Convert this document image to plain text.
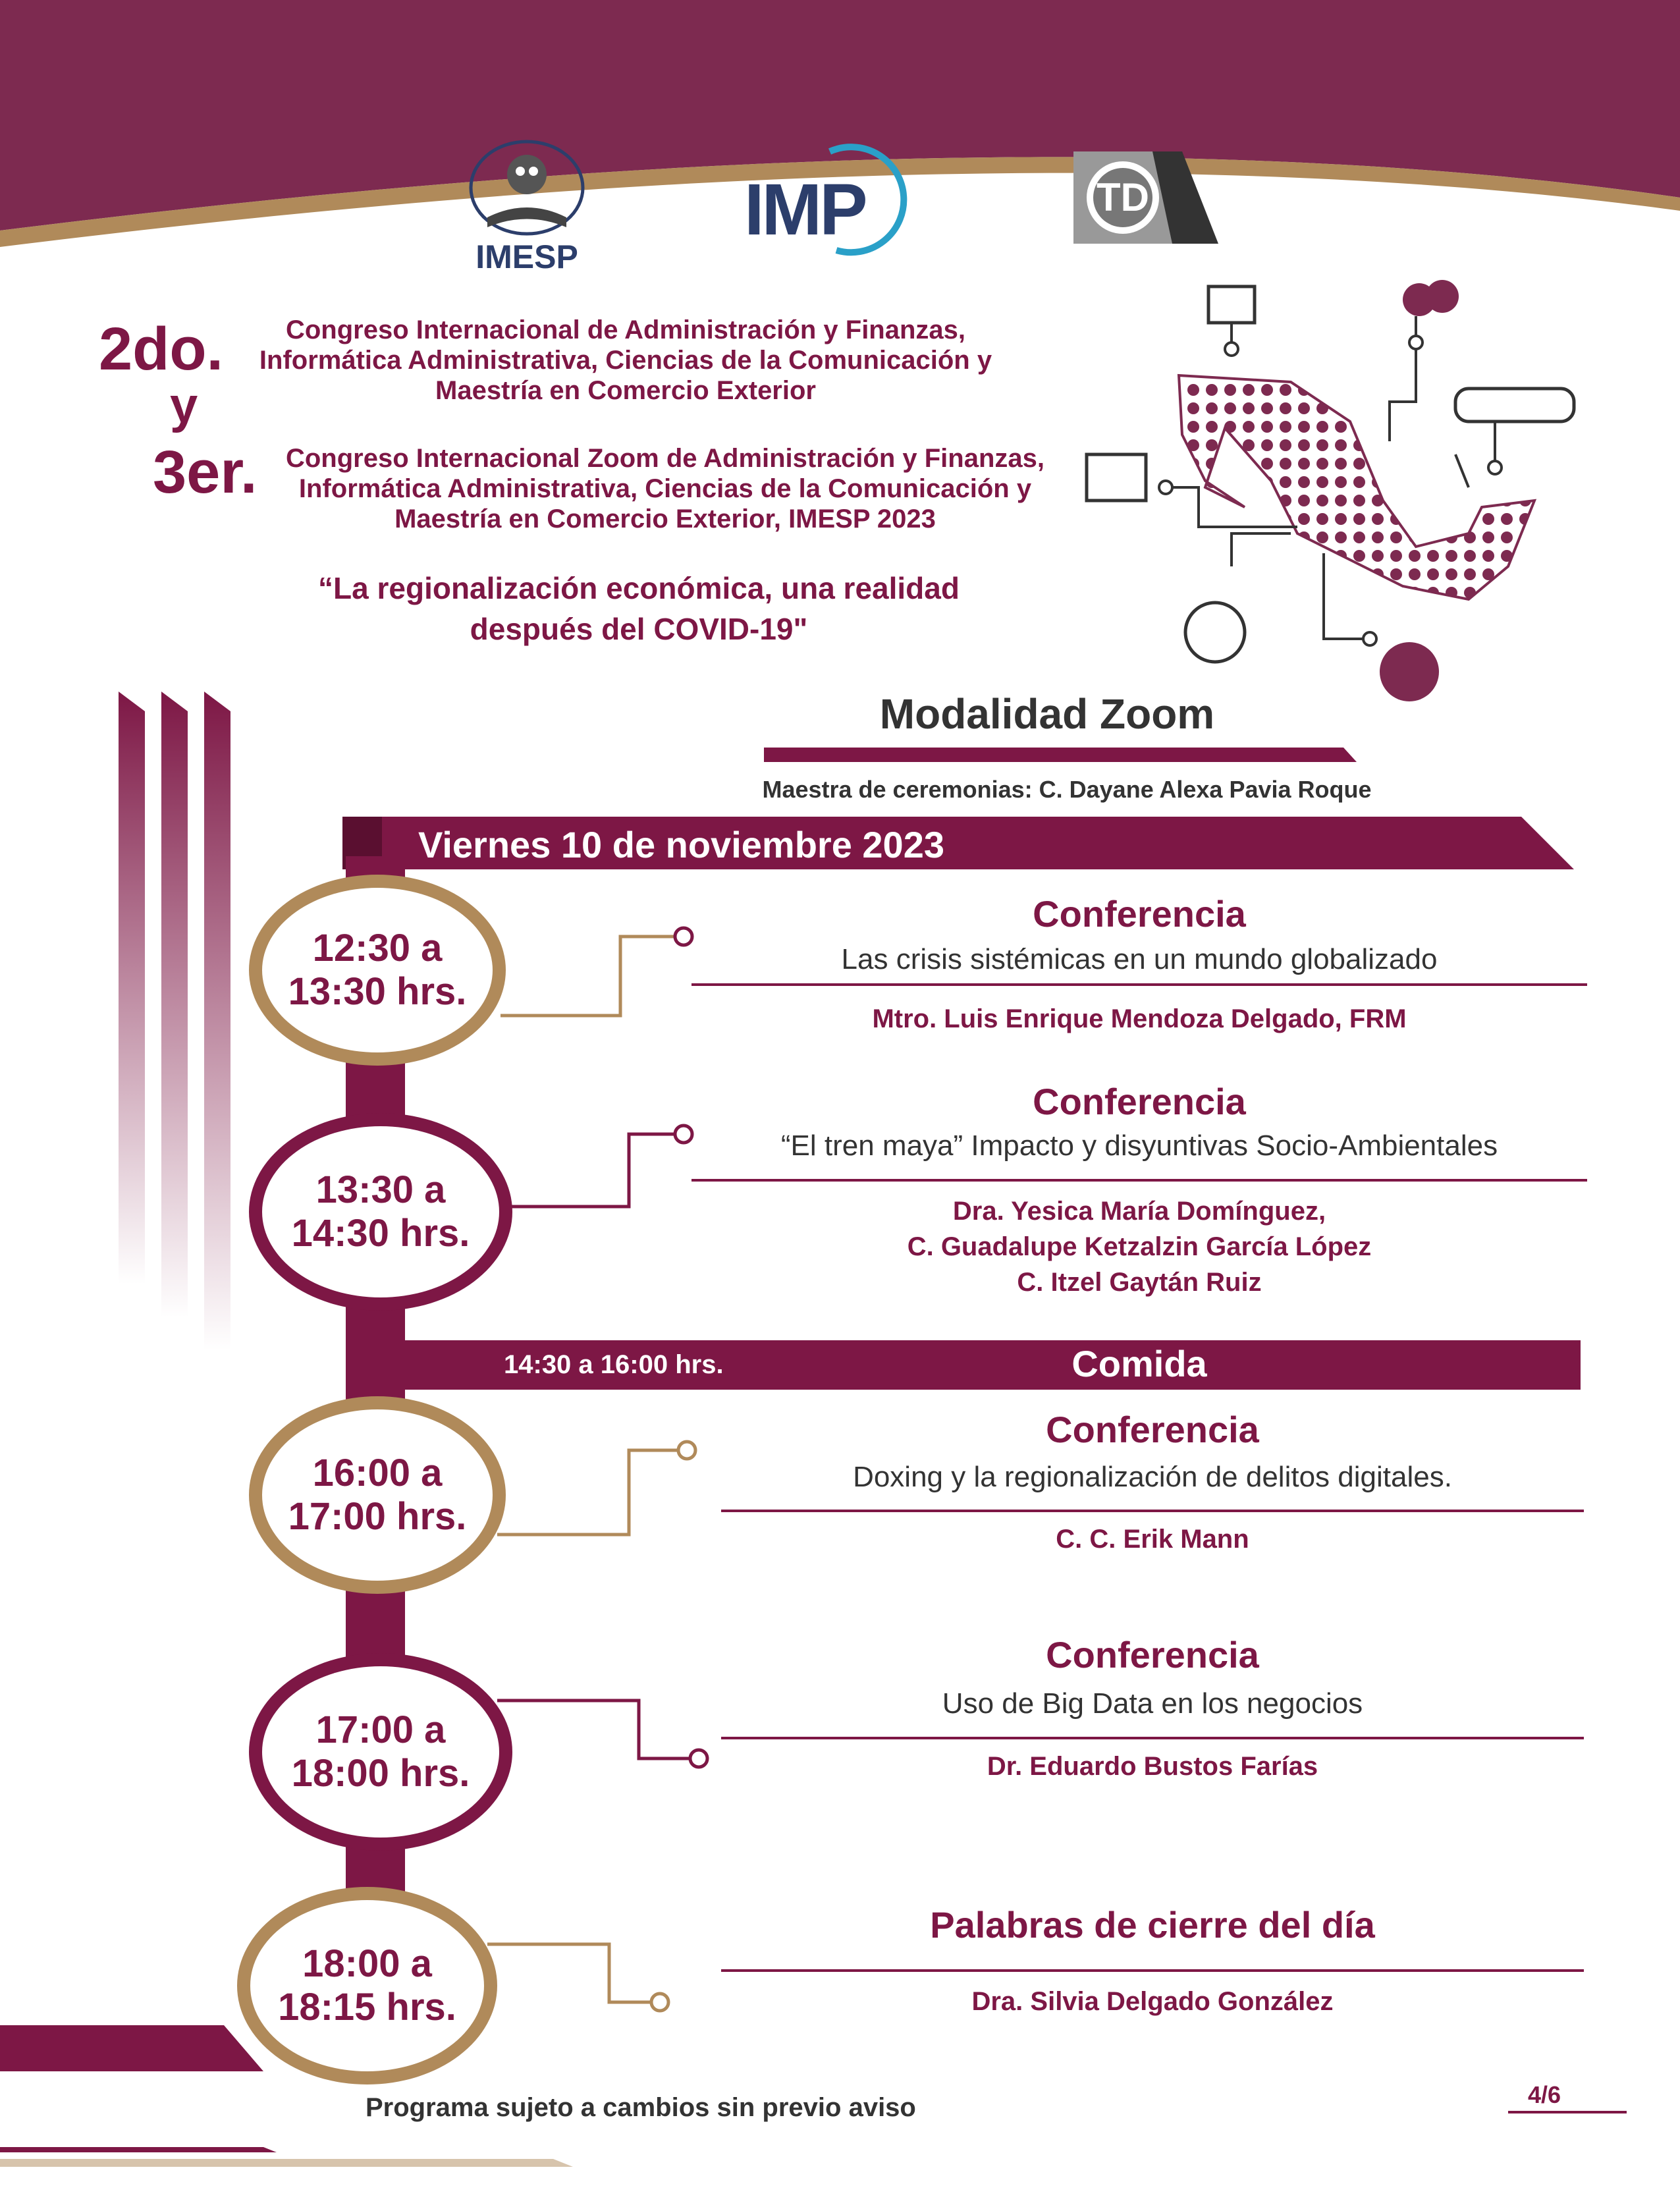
IMESP
IMP	TD
2do.
y
3er.
Congreso Internacional de Administración y Finanzas,
Informática Administrativa, Ciencias de la Comunicación y
Maestría en Comercio Exterior
Congreso Internacional Zoom de Administración y Finanzas,
Informática Administrativa, Ciencias de la Comunicación y
Maestría en Comercio Exterior, IMESP 2023
“La regionalización económica, una realidad
después del COVID-19"
Modalidad Zoom
Maestra de ceremonias: C. Dayane Alexa Pavia Roque
Viernes 10 de noviembre 2023
12:30 a
13:30 hrs.
Conferencia
Las crisis sistémicas en un mundo globalizado
Mtro. Luis Enrique Mendoza Delgado, FRM
13:30 a
14:30 hrs.
Conferencia
“El tren maya” Impacto y disyuntivas Socio-Ambientales
Dra. Yesica María Domínguez,
C. Guadalupe Ketzalzin García López
C. Itzel Gaytán Ruiz
14:30 a 16:00 hrs.	Comida
16:00 a
17:00 hrs.
Conferencia
Doxing y la regionalización de delitos digitales.
C. C. Erik Mann
17:00 a
18:00 hrs.
Conferencia
Uso de Big Data en los negocios
Dr. Eduardo Bustos Farías
18:00 a
18:15 hrs.
Palabras de cierre del día
Dra. Silvia Delgado González
Programa sujeto a cambios sin previo aviso	4/6
